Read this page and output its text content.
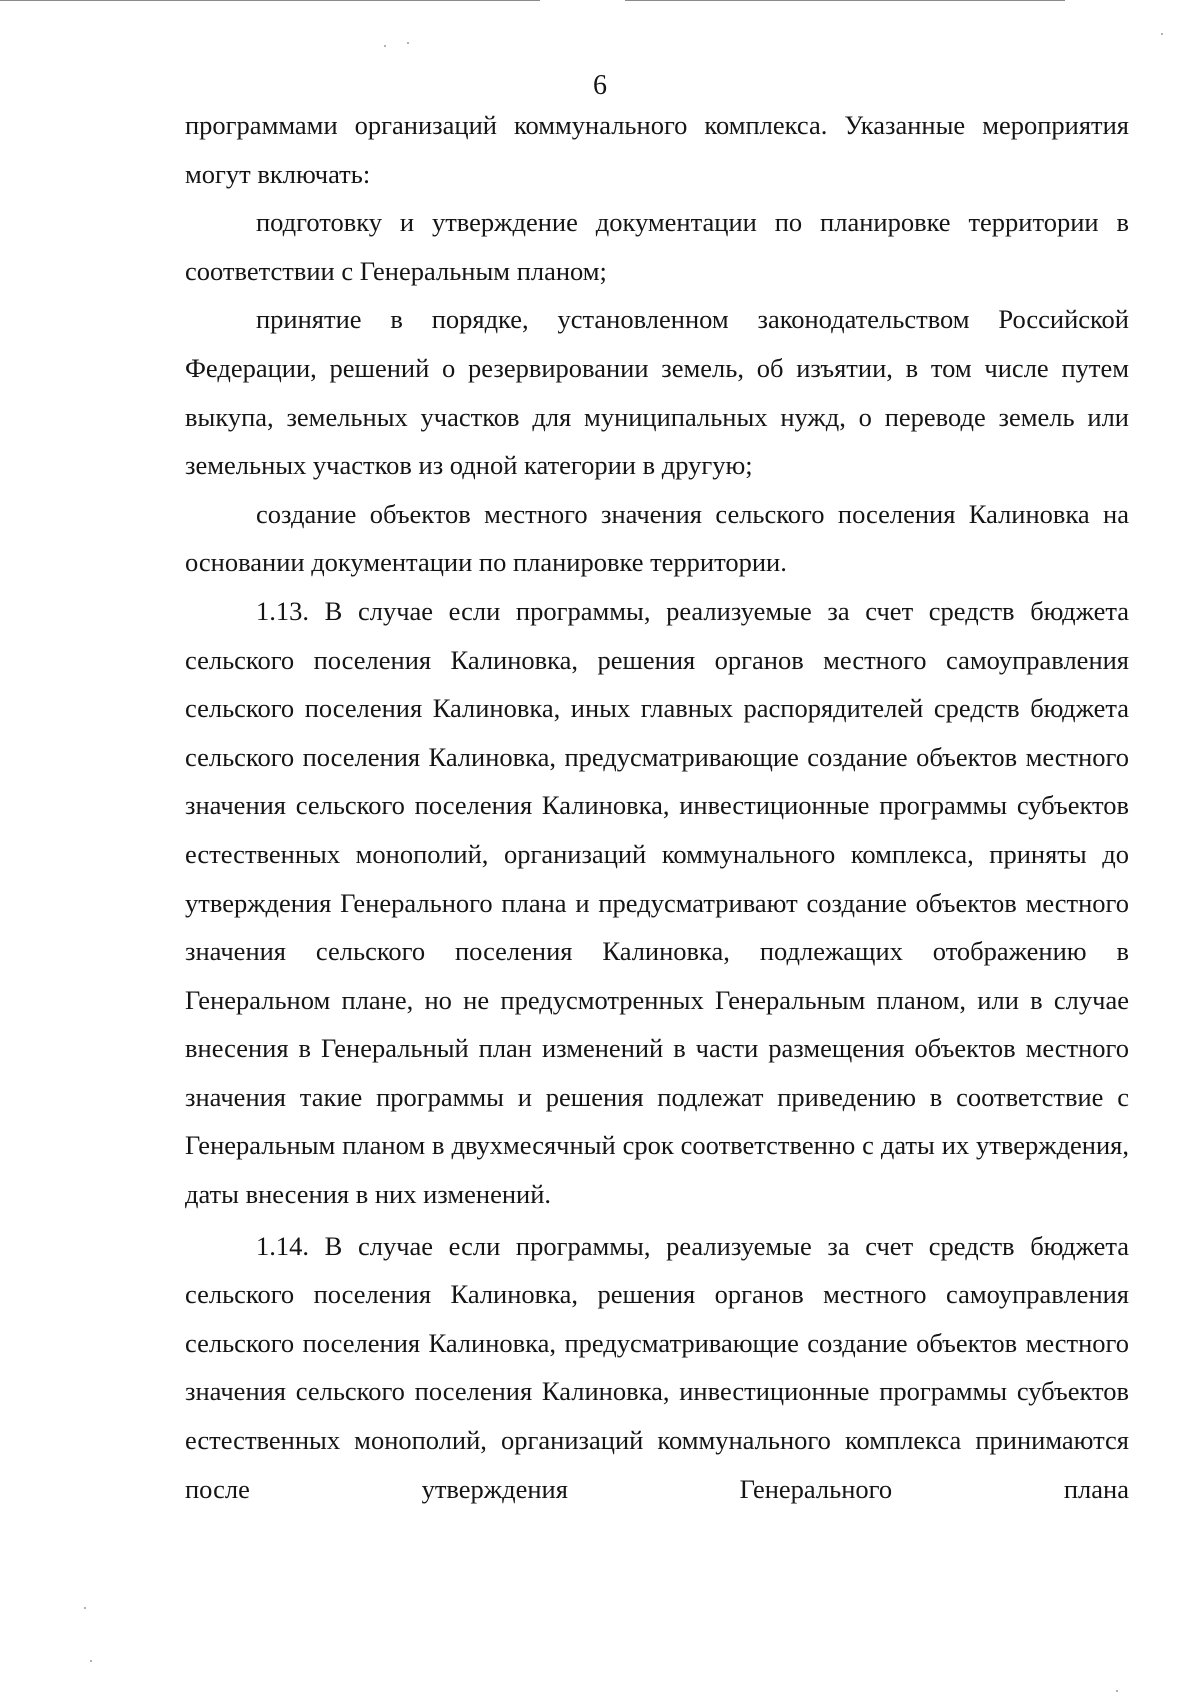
6

программами организаций коммунального комплекса. Указанные мероприятия могут включать:

подготовку и утверждение документации по планировке территории в соответствии с Генеральным планом;

принятие в порядке, установленном законодательством Российской Федерации, решений о резервировании земель, об изъятии, в том числе путем выкупа, земельных участков для муниципальных нужд, о переводе земель или земельных участков из одной категории в другую;

создание объектов местного значения сельского поселения Калиновка на основании документации по планировке территории.

1.13. В случае если программы, реализуемые за счет средств бюджета сельского поселения Калиновка, решения органов местного самоуправления сельского поселения Калиновка, иных главных распорядителей средств бюджета сельского поселения Калиновка, предусматривающие создание объектов местного значения сельского поселения Калиновка, инвестиционные программы субъектов естественных монополий, организаций коммунального комплекса, приняты до утверждения Генерального плана и предусматривают создание объектов местного значения сельского поселения Калиновка, подлежащих отображению в Генеральном плане, но не предусмотренных Генеральным планом, или в случае внесения в Генеральный план изменений в части размещения объектов местного значения такие программы и решения подлежат приведению в соответствие с Генеральным планом в двухмесячный срок соответственно с даты их утверждения, даты внесения в них изменений.

1.14. В случае если программы, реализуемые за счет средств бюджета сельского поселения Калиновка, решения органов местного самоуправления сельского поселения Калиновка, предусматривающие создание объектов местного значения сельского поселения Калиновка, инвестиционные программы субъектов естественных монополий, организаций коммунального комплекса принимаются после утверждения Генерального плана
